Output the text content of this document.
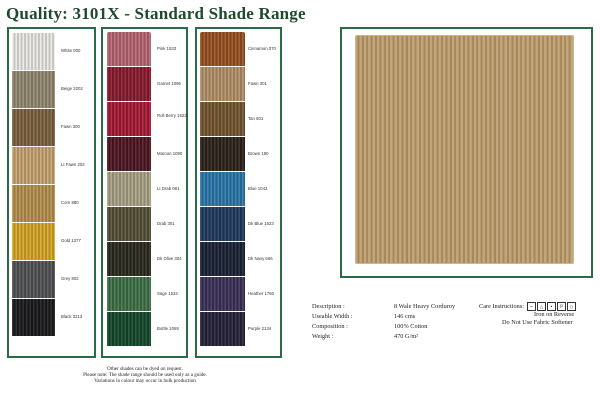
Quality: 3101X - Standard Shade Range
White 000
Beige 3202
Fawn 300
Lt Fawn 202
Corn 880
Gold 1377
Grey 802
Black 3213
Pink 1533
Garnet 1096
Roll Berry 1623
Maroon 1090
Lt Drab 081
Drab 301
Dk Olive 304
Sage 1534
Bottle 1069
Cinnamon 070
Fawn 301
Tan 601
Brown 190
Blue 1043
Dk Blue 1623
Dk Navy 666
Heather 1760
Purple 2134
Description :	8 Wale Heavy Corduroy
Useable Width :	146 cms
Composition :	100% Cotton
Weight :	470 G/m²
Care Instructions: ~ △ • P ○
Iron on Reverse
Do Not Use Fabric Softener
Other shades can be dyed on request.
Please note: The shade range should be used only as a guide.
Variations in colour may occur in bulk production
